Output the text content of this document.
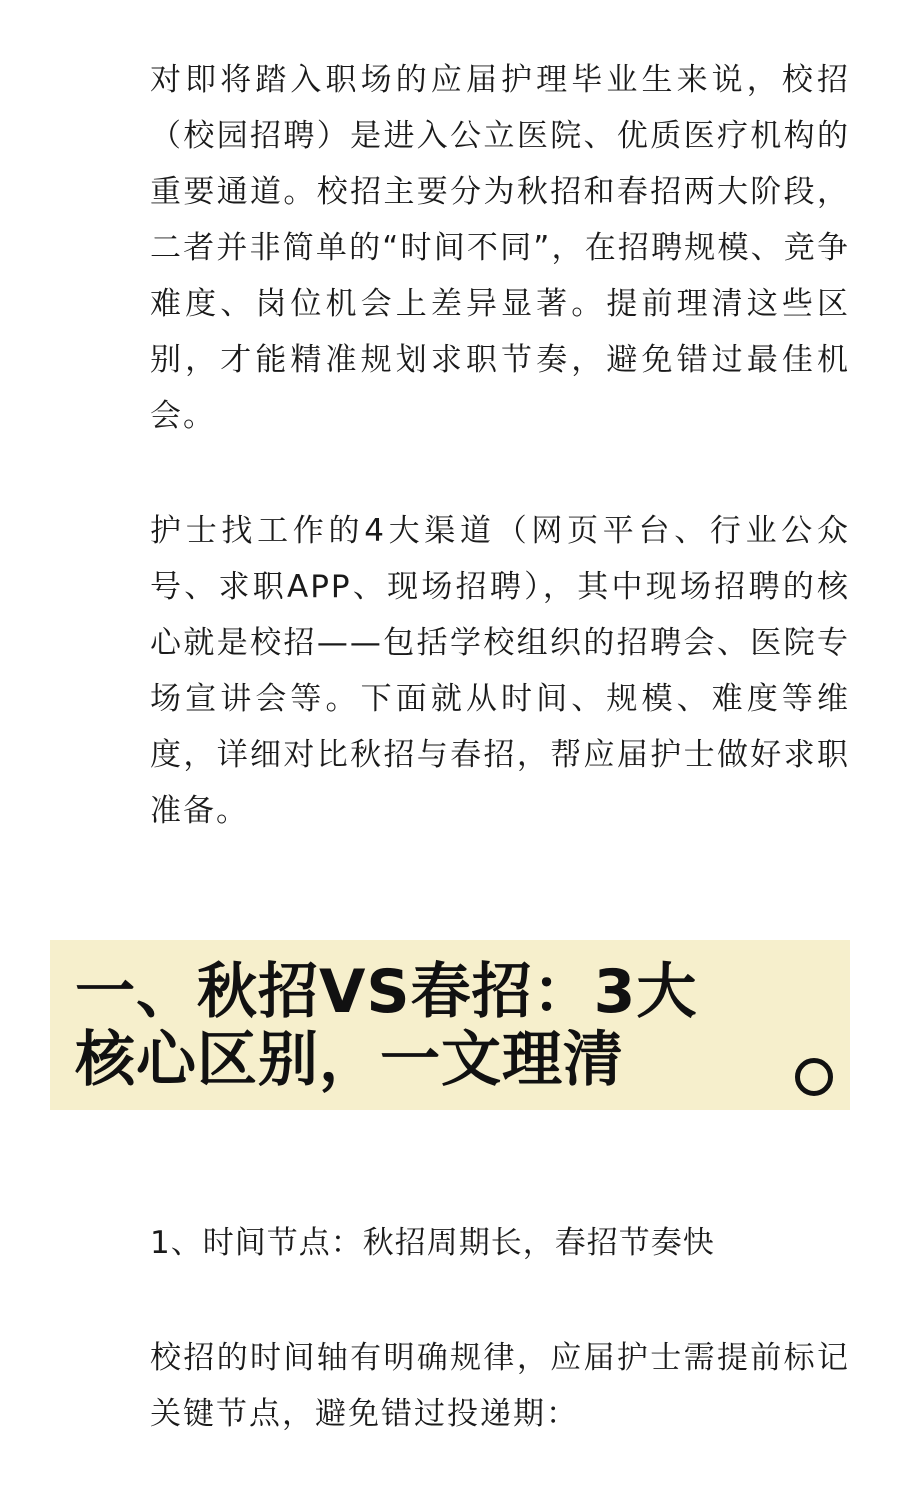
对即将踏入职场的应届护理毕业生来说，校招（校园招聘）是进入公立医院、优质医疗机构的重要通道。校招主要分为秋招和春招两大阶段，二者并非简单的“时间不同”，在招聘规模、竞争难度、岗位机会上差异显著。提前理清这些区别，才能精准规划求职节奏，避免错过最佳机会。

护士找工作的4大渠道（网页平台、行业公众号、求职APP、现场招聘），其中现场招聘的核心就是校招——包括学校组织的招聘会、医院专场宣讲会等。下面就从时间、规模、难度等维度，详细对比秋招与春招，帮应届护士做好求职准备。

一、秋招VS春招：3大核心区别，一文理清

1、时间节点：秋招周期长，春招节奏快

校招的时间轴有明确规律，应届护士需提前标记关键节点，避免错过投递期：
